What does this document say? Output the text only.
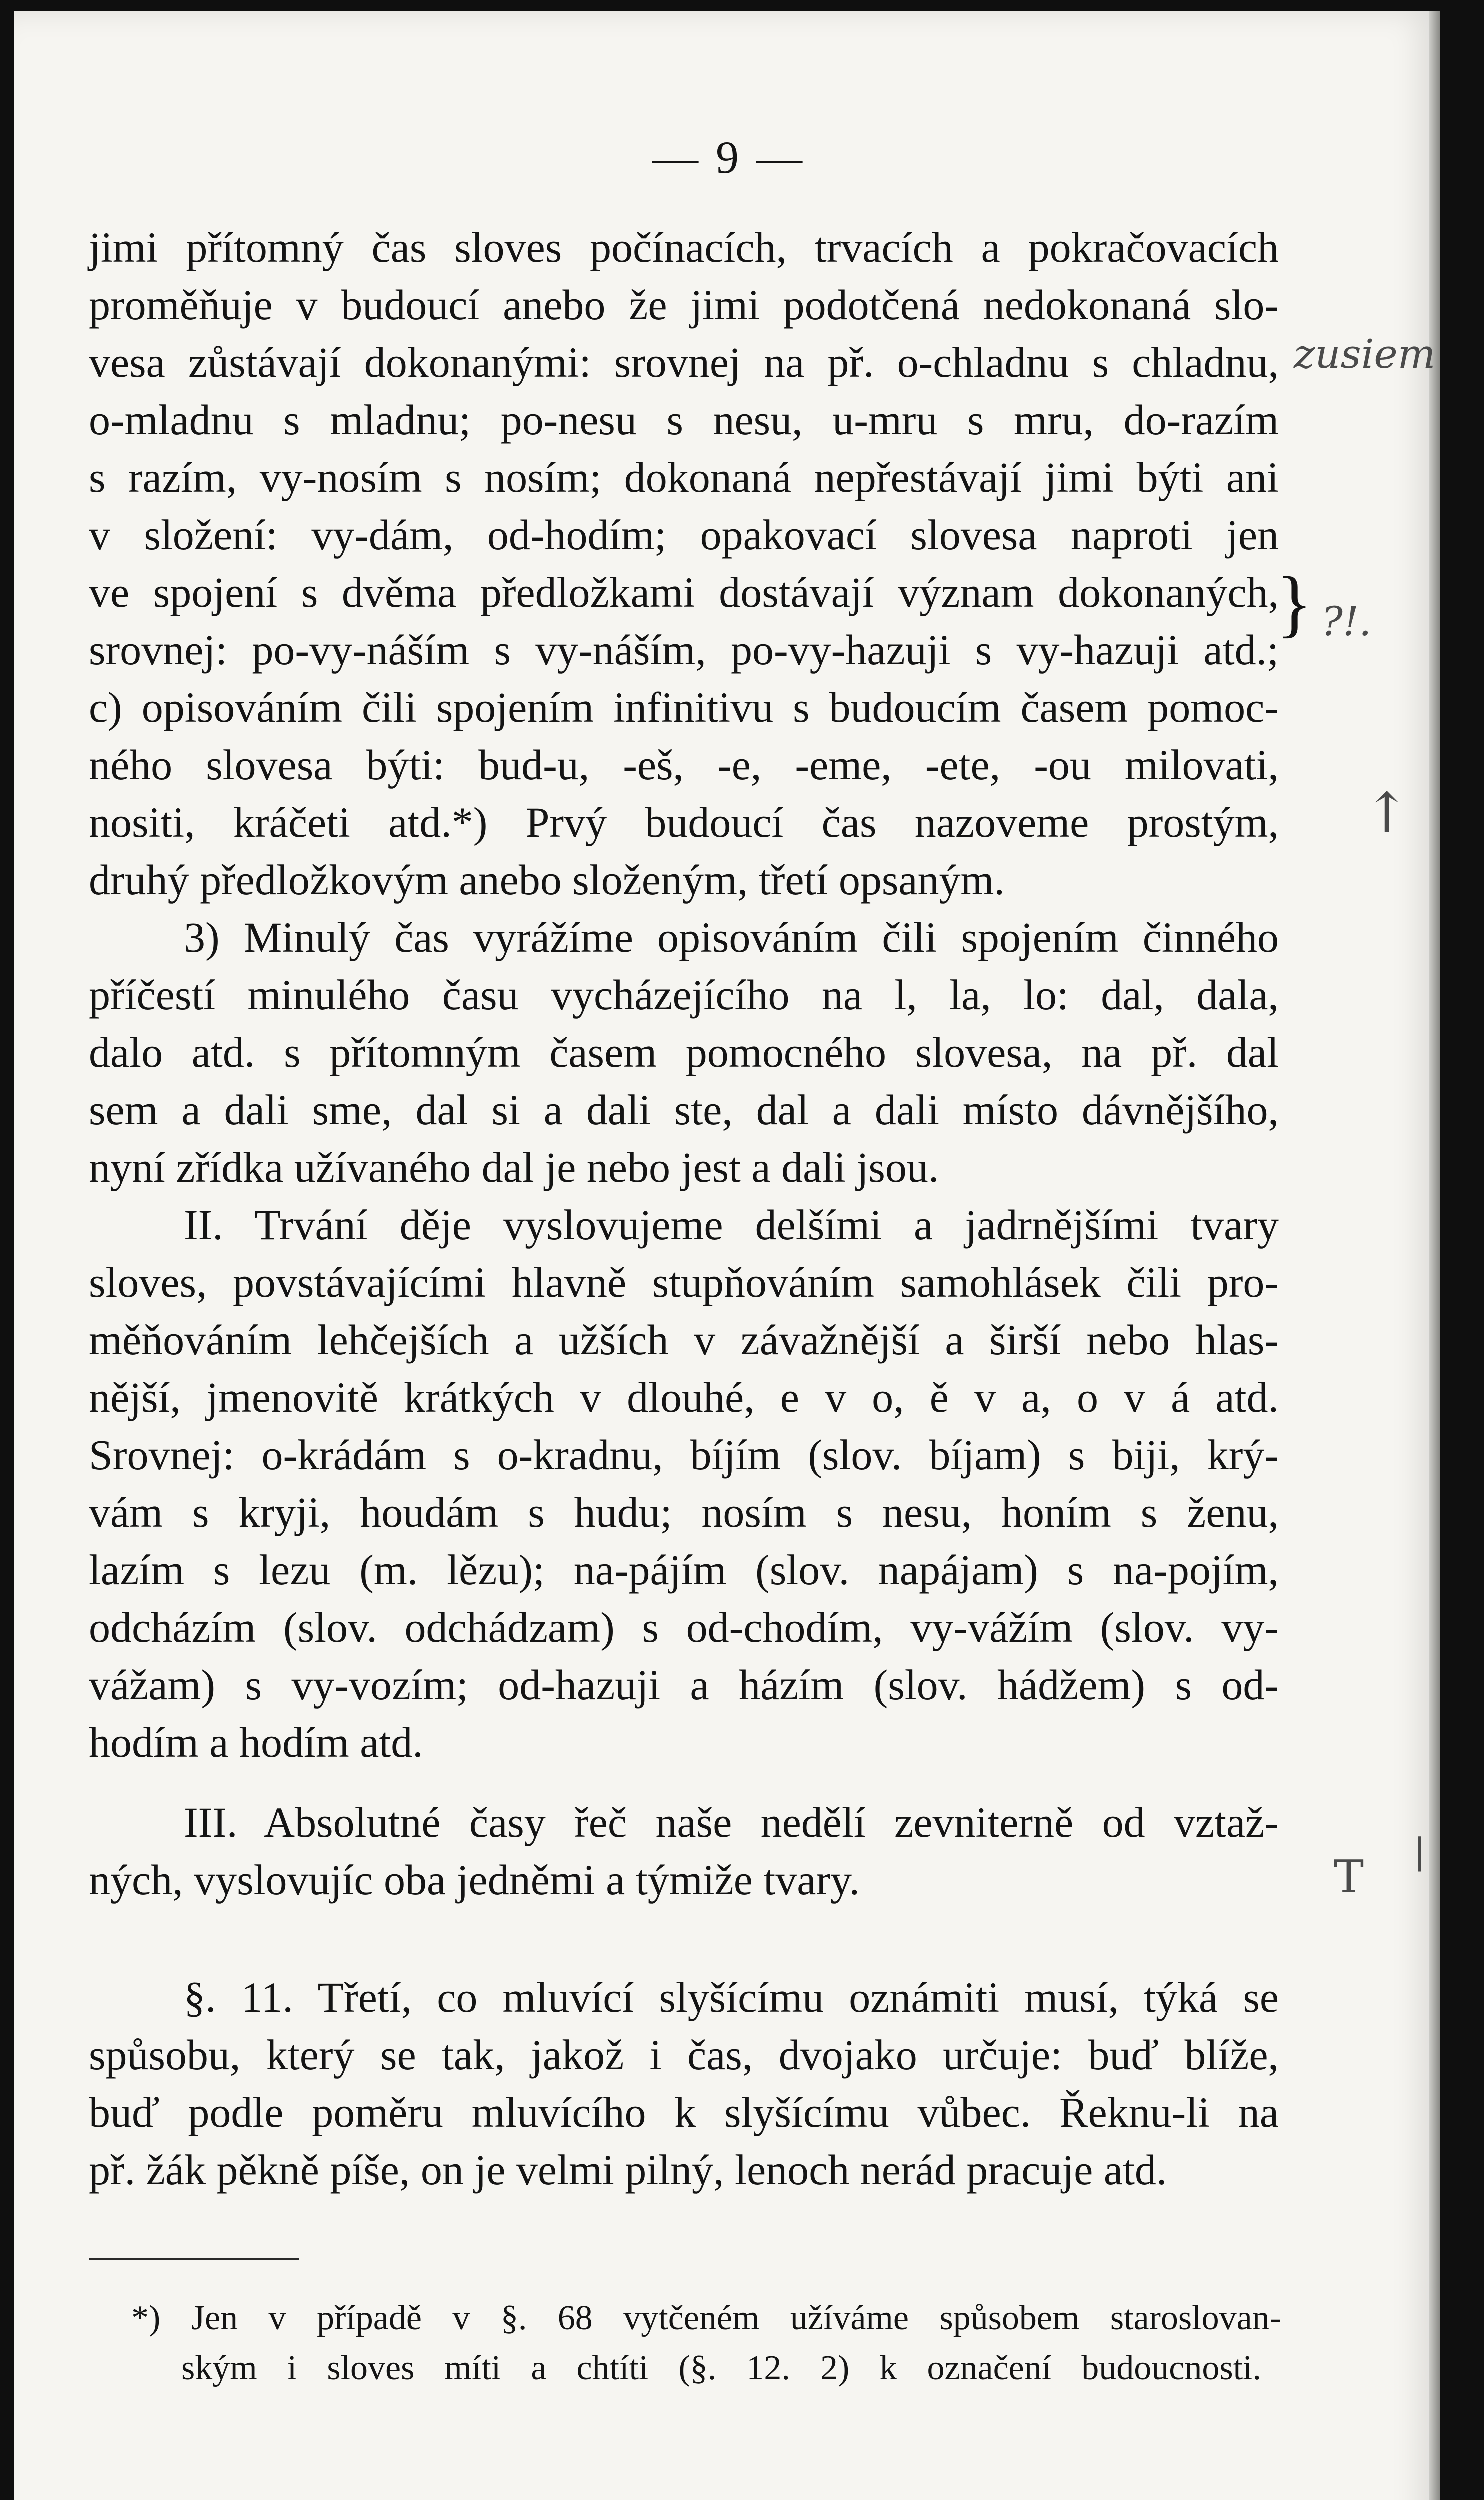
— 9 —
jimi přítomný čas sloves počínacích, trvacích a pokračovacích
proměňuje v budoucí anebo že jimi podotčená nedokonaná slo-
vesa zůstávají dokonanými: srovnej na př. o-chladnu s chladnu,
o-mladnu s mladnu; po-nesu s nesu, u-mru s mru, do-razím
s razím, vy-nosím s nosím; dokonaná nepřestávají jimi býti ani
v složení: vy-dám, od-hodím; opakovací slovesa naproti jen
ve spojení s dvěma předložkami dostávají význam dokonaných,
srovnej: po-vy-náším s vy-náším, po-vy-hazuji s vy-hazuji atd.;
c) opisováním čili spojením infinitivu s budoucím časem pomoc-
ného slovesa býti: bud-u, -eš, -e, -eme, -ete, -ou milovati,
nositi, kráčeti atd.*) Prvý budoucí čas nazoveme prostým,
druhý předložkovým anebo složeným, třetí opsaným.
3) Minulý čas vyrážíme opisováním čili spojením činného
příčestí minulého času vycházejícího na l, la, lo: dal, dala,
dalo atd. s přítomným časem pomocného slovesa, na př. dal
sem a dali sme, dal si a dali ste, dal a dali místo dávnějšího,
nyní zřídka užívaného dal je nebo jest a dali jsou.
II. Trvání děje vyslovujeme delšími a jadrnějšími tvary
sloves, povstávajícími hlavně stupňováním samohlásek čili pro-
měňováním lehčejších a užších v závažnější a širší nebo hlas-
nější, jmenovitě krátkých v dlouhé, e v o, ě v a, o v á atd.
Srovnej: o-krádám s o-kradnu, bíjím (slov. bíjam) s biji, krý-
vám s kryji, houdám s hudu; nosím s nesu, honím s ženu,
lazím s lezu (m. lězu); na-pájím (slov. napájam) s na-pojím,
odcházím (slov. odchádzam) s od-chodím, vy-vážím (slov. vy-
vážam) s vy-vozím; od-hazuji a házím (slov. hádžem) s od-
hodím a hodím atd.
III. Absolutné časy řeč naše nedělí zevniterně od vztaž-
ných, vyslovujíc oba jedněmi a týmiže tvary.
§. 11. Třetí, co mluvící slyšícímu oznámiti musí, týká se
spůsobu, který se tak, jakož i čas, dvojako určuje: buď blíže,
buď podle poměru mluvícího k slyšícímu vůbec. Řeknu-li na
př. žák pěkně píše, on je velmi pilný, lenoch nerád pracuje atd.
*) Jen v případě v §. 68 vytčeném užíváme spůsobem staroslovan-
ským i sloves míti a chtíti (§. 12. 2) k označení budoucnosti.
zusiem
} ?!.
↑
T |
